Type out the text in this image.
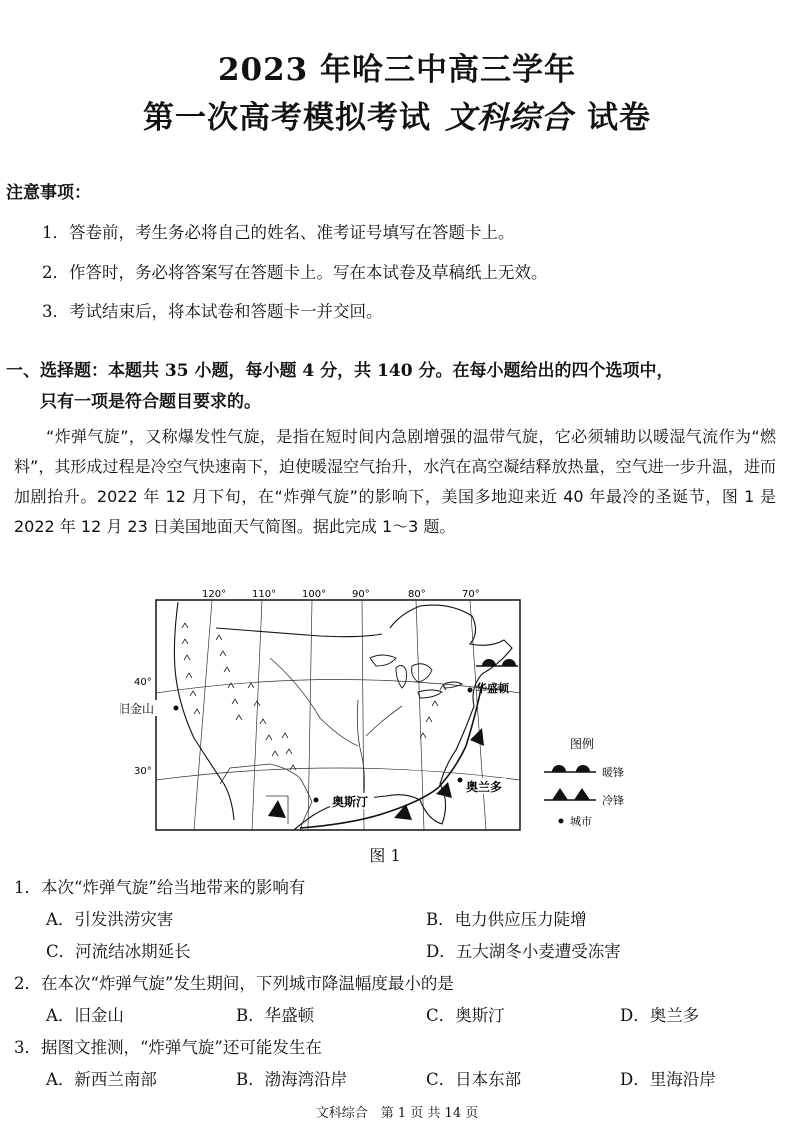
2023 年哈三中高三学年
第一次高考模拟考试 文科综合 试卷
注意事项：
1．答卷前，考生务必将自己的姓名、准考证号填写在答题卡上。
2．作答时，务必将答案写在答题卡上。写在本试卷及草稿纸上无效。
3．考试结束后，将本试卷和答题卡一并交回。
一、选择题：本题共 35 小题，每小题 4 分，共 140 分。在每小题给出的四个选项中，
只有一项是符合题目要求的。
“炸弹气旋”，又称爆发性气旋，是指在短时间内急剧增强的温带气旋，它必须辅助以暖湿气流作为“燃料”，其形成过程是冷空气快速南下，迫使暖湿空气抬升，水汽在高空凝结释放热量，空气进一步升温，进而加剧抬升。2022 年 12 月下旬，在“炸弹气旋”的影响下，美国多地迎来近 40 年最冷的圣诞节，图 1 是 2022 年 12 月 23 日美国地面天气简图。据此完成 1～3 题。
120°	110°	100°	90°	80°	70°
40°
30°
旧金山
华盛顿
奥斯汀
奥兰多
图例
暖锋
冷锋
城市
图 1
1．本次“炸弹气旋”给当地带来的影响有
A．引发洪涝灾害	B．电力供应压力陡增
C．河流结冰期延长	D．五大湖冬小麦遭受冻害
2．在本次“炸弹气旋”发生期间，下列城市降温幅度最小的是
A．旧金山	B．华盛顿	C．奥斯汀	D．奥兰多
3．据图文推测，“炸弹气旋”还可能发生在
A．新西兰南部	B．渤海湾沿岸	C．日本东部	D．里海沿岸
文科综合　第 1 页 共 14 页
